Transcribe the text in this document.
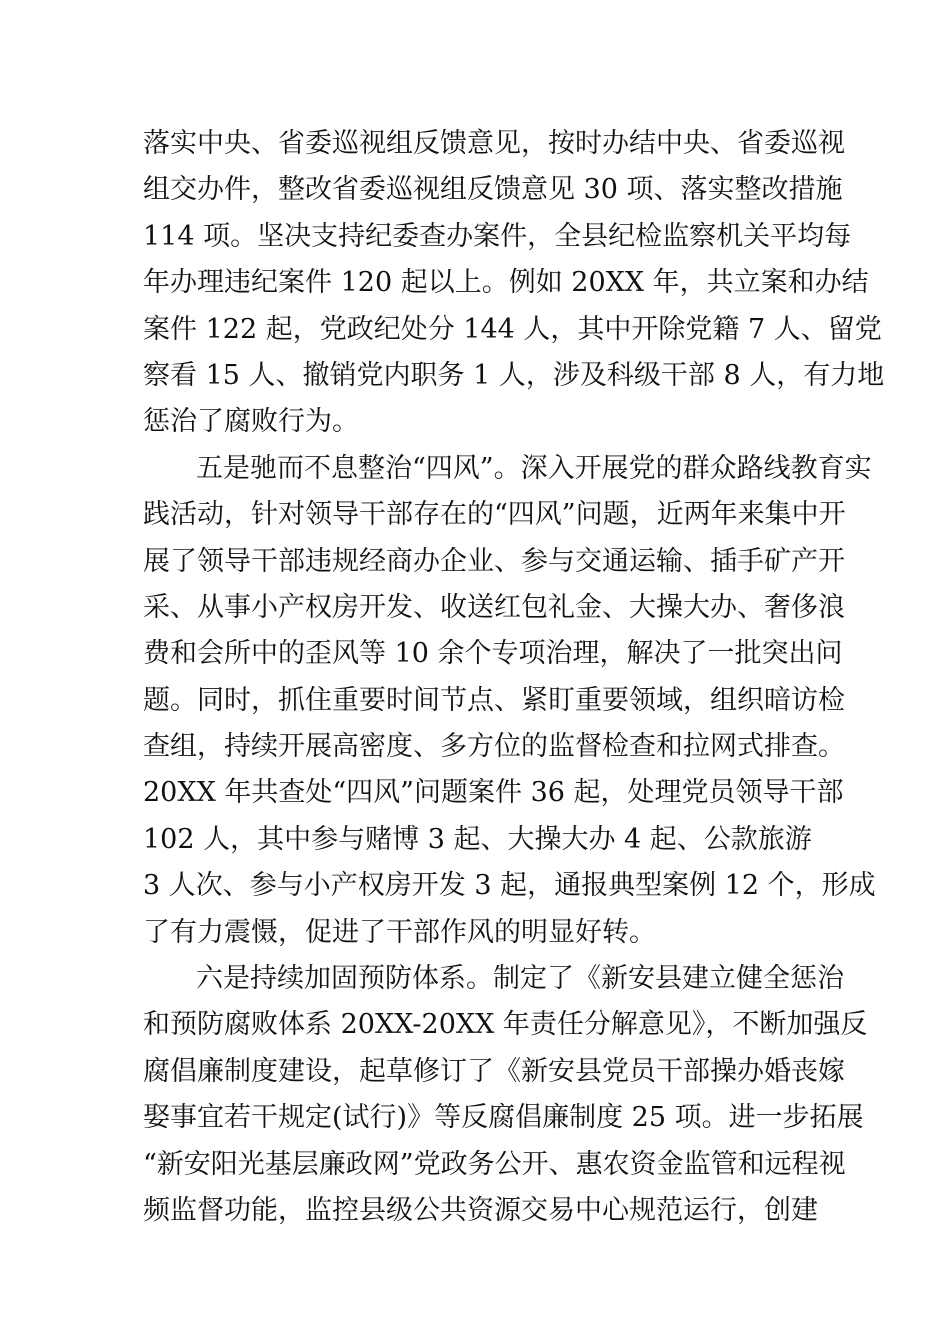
落实中央、省委巡视组反馈意见，按时办结中央、省委巡视
组交办件，整改省委巡视组反馈意见 30 项、落实整改措施
114 项。坚决支持纪委查办案件，全县纪检监察机关平均每
年办理违纪案件 120 起以上。例如 20XX 年，共立案和办结
案件 122 起，党政纪处分 144 人，其中开除党籍 7 人、留党
察看 15 人、撤销党内职务 1 人，涉及科级干部 8 人，有力地
惩治了腐败行为。
五是驰而不息整治“四风”。深入开展党的群众路线教育实
践活动，针对领导干部存在的“四风”问题，近两年来集中开
展了领导干部违规经商办企业、参与交通运输、插手矿产开
采、从事小产权房开发、收送红包礼金、大操大办、奢侈浪
费和会所中的歪风等 10 余个专项治理，解决了一批突出问
题。同时，抓住重要时间节点、紧盯重要领域，组织暗访检
查组，持续开展高密度、多方位的监督检查和拉网式排查。
20XX 年共查处“四风”问题案件 36 起，处理党员领导干部
102 人，其中参与赌博 3 起、大操大办 4 起、公款旅游
3 人次、参与小产权房开发 3 起，通报典型案例 12 个，形成
了有力震慑，促进了干部作风的明显好转。
六是持续加固预防体系。制定了《新安县建立健全惩治
和预防腐败体系 20XX-20XX 年责任分解意见》，不断加强反
腐倡廉制度建设，起草修订了《新安县党员干部操办婚丧嫁
娶事宜若干规定(试行)》等反腐倡廉制度 25 项。进一步拓展
“新安阳光基层廉政网”党政务公开、惠农资金监管和远程视
频监督功能，监控县级公共资源交易中心规范运行，创建
